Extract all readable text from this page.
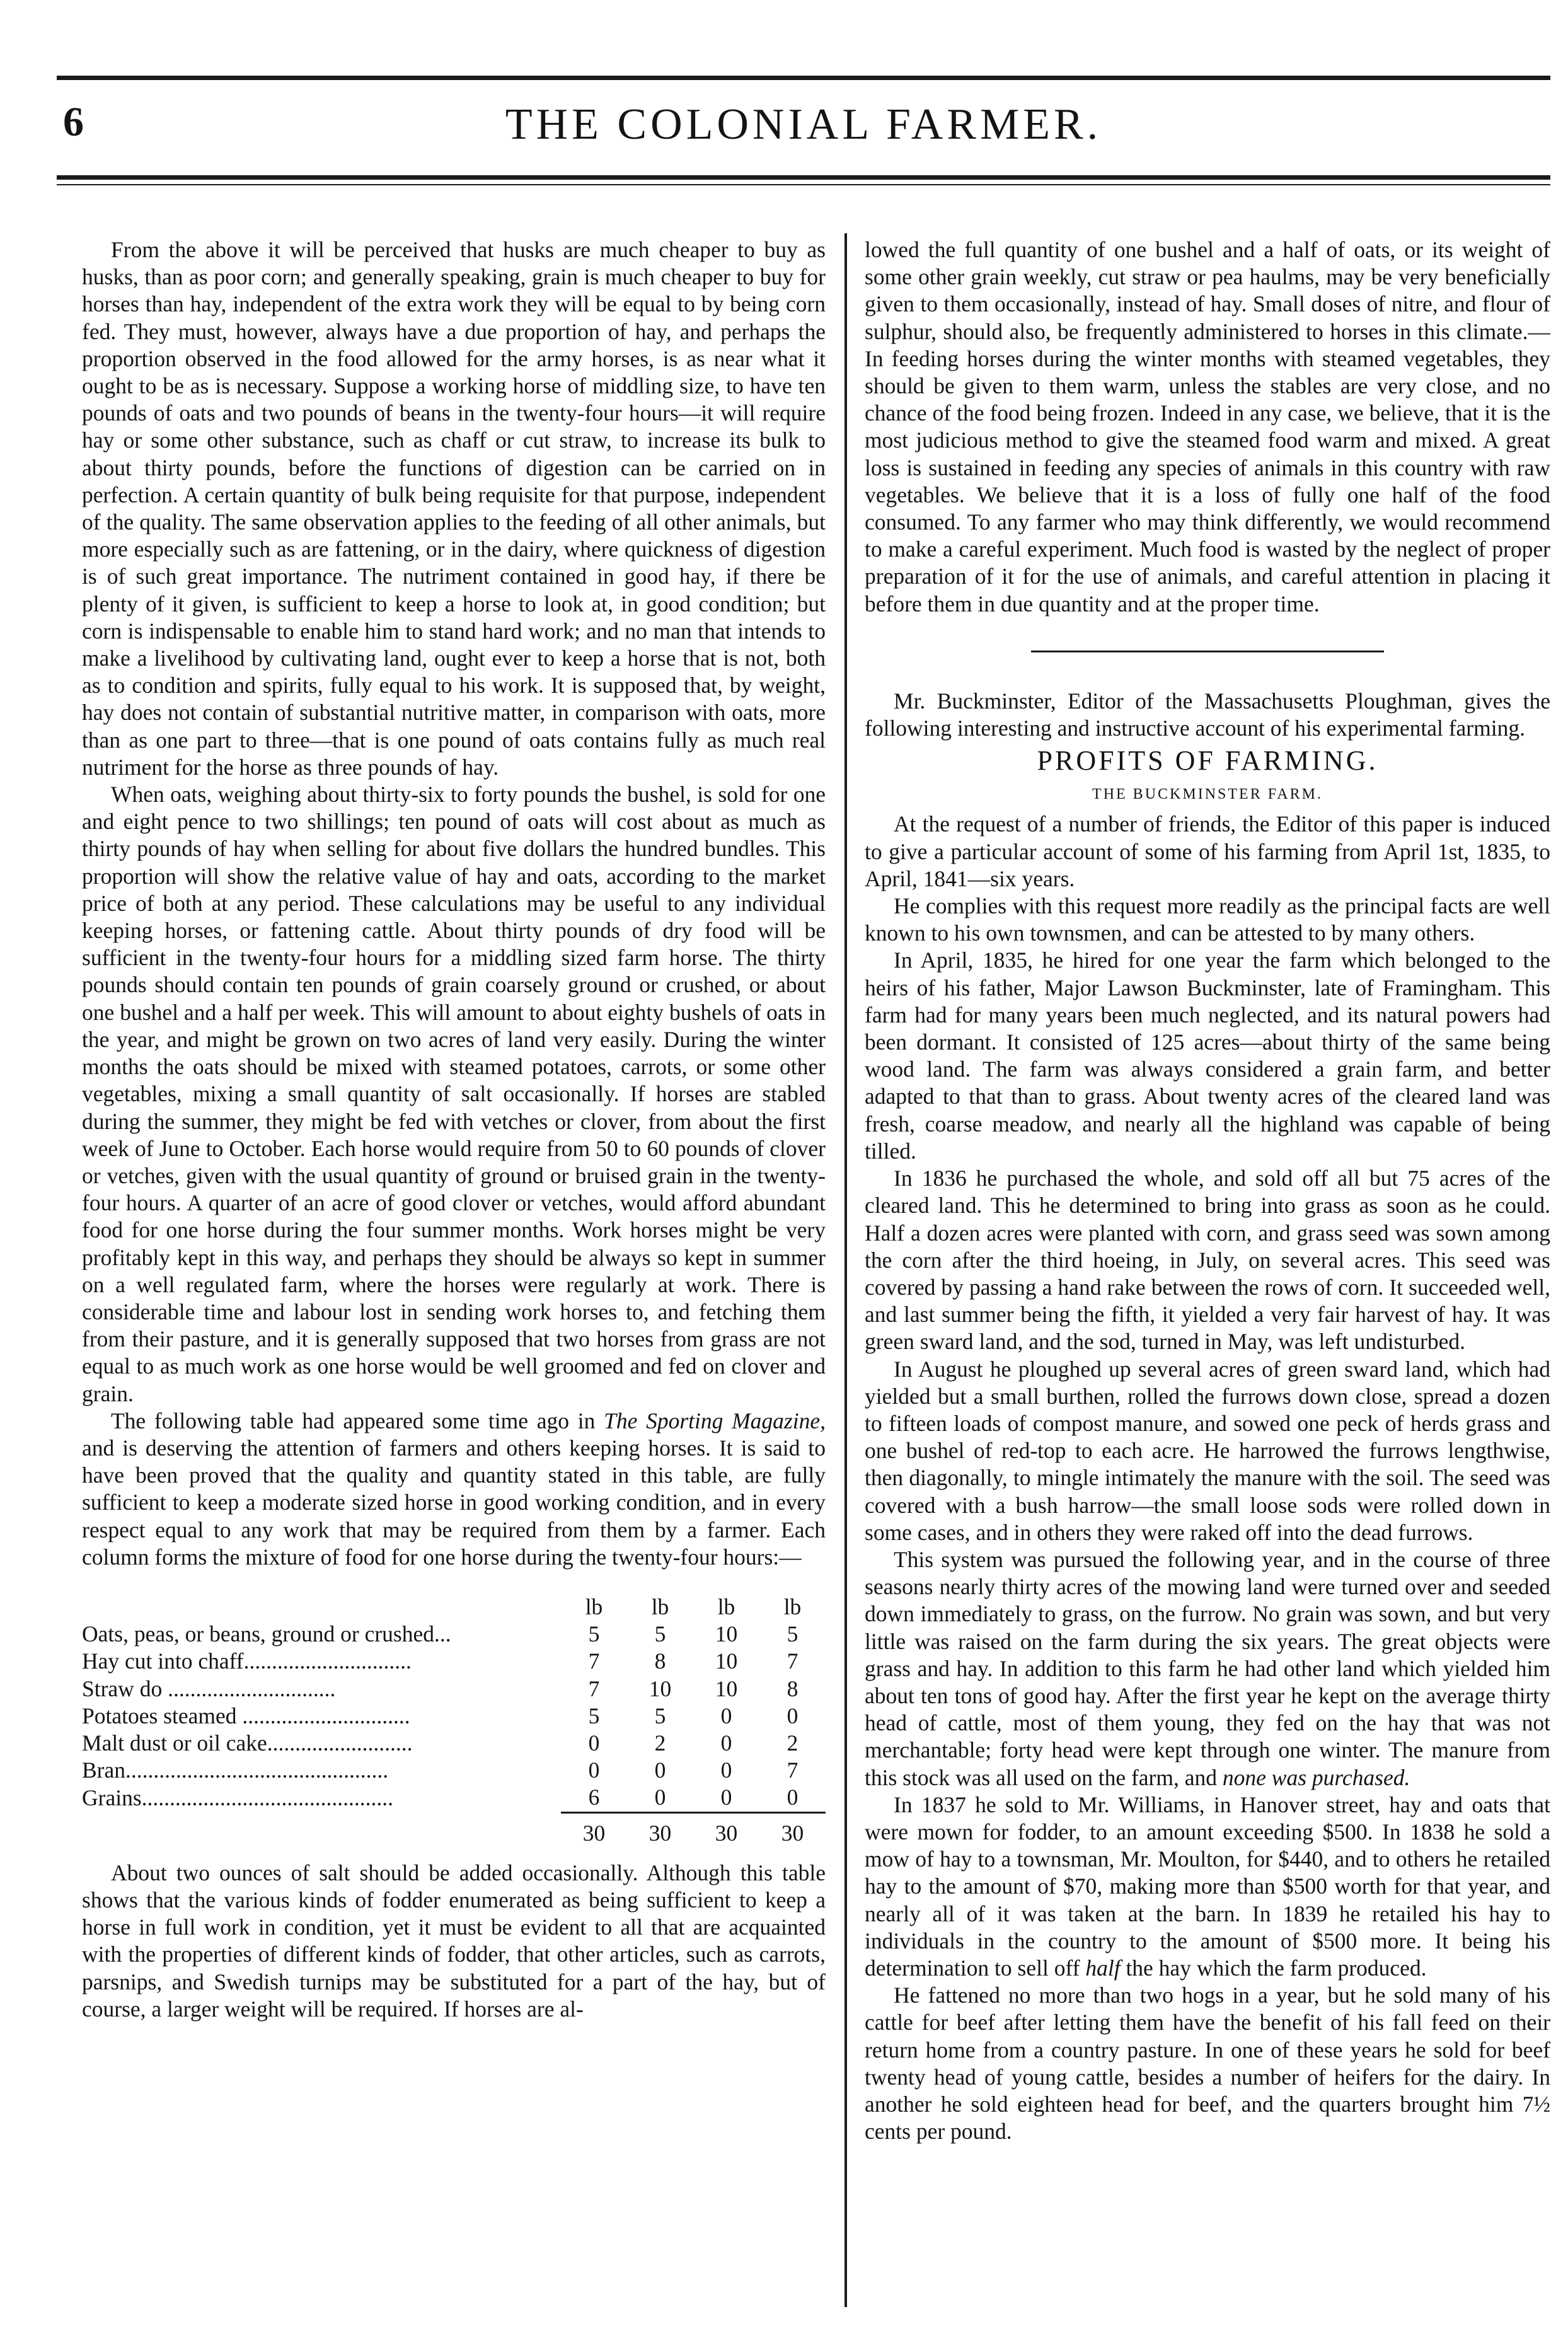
6	THE COLONIAL FARMER.

From the above it will be perceived that husks are much cheaper to buy as husks, than as poor corn; and generally speaking, grain is much cheaper to buy for horses than hay, independent of the extra work they will be equal to by being corn fed. They must, however, always have a due proportion of hay, and perhaps the proportion observed in the food allowed for the army horses, is as near what it ought to be as is necessary. Suppose a working horse of middling size, to have ten pounds of oats and two pounds of beans in the twenty-four hours—it will require hay or some other substance, such as chaff or cut straw, to increase its bulk to about thirty pounds, before the functions of digestion can be carried on in perfection. A certain quantity of bulk being requisite for that purpose, independent of the quality. The same observation applies to the feeding of all other animals, but more especially such as are fattening, or in the dairy, where quickness of digestion is of such great importance. The nutriment contained in good hay, if there be plenty of it given, is sufficient to keep a horse to look at, in good condition; but corn is indispensable to enable him to stand hard work; and no man that intends to make a livelihood by cultivating land, ought ever to keep a horse that is not, both as to condition and spirits, fully equal to his work. It is supposed that, by weight, hay does not contain of substantial nutritive matter, in comparison with oats, more than as one part to three—that is one pound of oats contains fully as much real nutriment for the horse as three pounds of hay.

When oats, weighing about thirty-six to forty pounds the bushel, is sold for one and eight pence to two shillings; ten pound of oats will cost about as much as thirty pounds of hay when selling for about five dollars the hundred bundles. This proportion will show the relative value of hay and oats, according to the market price of both at any period. These calculations may be useful to any individual keeping horses, or fattening cattle. About thirty pounds of dry food will be sufficient in the twenty-four hours for a middling sized farm horse. The thirty pounds should contain ten pounds of grain coarsely ground or crushed, or about one bushel and a half per week. This will amount to about eighty bushels of oats in the year, and might be grown on two acres of land very easily. During the winter months the oats should be mixed with steamed potatoes, carrots, or some other vegetables, mixing a small quantity of salt occasionally. If horses are stabled during the summer, they might be fed with vetches or clover, from about the first week of June to October. Each horse would require from 50 to 60 pounds of clover or vetches, given with the usual quantity of ground or bruised grain in the twenty-four hours. A quarter of an acre of good clover or vetches, would afford abundant food for one horse during the four summer months. Work horses might be very profitably kept in this way, and perhaps they should be always so kept in summer on a well regulated farm, where the horses were regularly at work. There is considerable time and labour lost in sending work horses to, and fetching them from their pasture, and it is generally supposed that two horses from grass are not equal to as much work as one horse would be well groomed and fed on clover and grain.

The following table had appeared some time ago in The Sporting Magazine, and is deserving the attention of farmers and others keeping horses. It is said to have been proved that the quality and quantity stated in this table, are fully sufficient to keep a moderate sized horse in good working condition, and in every respect equal to any work that may be required from them by a farmer. Each column forms the mixture of food for one horse during the twenty-four hours:—

	lb	lb	lb	lb
Oats, peas, or beans, ground or crushed...	5	5	10	5
Hay cut into chaff..............................	7	8	10	7
Straw do ..............................	7	10	10	8
Potatoes steamed ..............................	5	5	0	0
Malt dust or oil cake..........................	0	2	0	2
Bran...............................................	0	0	0	7
Grains.............................................	6	0	0	0
	30	30	30	30

About two ounces of salt should be added occasionally. Although this table shows that the various kinds of fodder enumerated as being sufficient to keep a horse in full work in condition, yet it must be evident to all that are acquainted with the properties of different kinds of fodder, that other articles, such as carrots, parsnips, and Swedish turnips may be substituted for a part of the hay, but of course, a larger weight will be required. If horses are al-

lowed the full quantity of one bushel and a half of oats, or its weight of some other grain weekly, cut straw or pea haulms, may be very beneficially given to them occasionally, instead of hay. Small doses of nitre, and flour of sulphur, should also, be frequently administered to horses in this climate.—In feeding horses during the winter months with steamed vegetables, they should be given to them warm, unless the stables are very close, and no chance of the food being frozen. Indeed in any case, we believe, that it is the most judicious method to give the steamed food warm and mixed. A great loss is sustained in feeding any species of animals in this country with raw vegetables. We believe that it is a loss of fully one half of the food consumed. To any farmer who may think differently, we would recommend to make a careful experiment. Much food is wasted by the neglect of proper preparation of it for the use of animals, and careful attention in placing it before them in due quantity and at the proper time.

Mr. Buckminster, Editor of the Massachusetts Ploughman, gives the following interesting and instructive account of his experimental farming.

PROFITS OF FARMING.
THE BUCKMINSTER FARM.

At the request of a number of friends, the Editor of this paper is induced to give a particular account of some of his farming from April 1st, 1835, to April, 1841—six years.

He complies with this request more readily as the principal facts are well known to his own townsmen, and can be attested to by many others.

In April, 1835, he hired for one year the farm which belonged to the heirs of his father, Major Lawson Buckminster, late of Framingham. This farm had for many years been much neglected, and its natural powers had been dormant. It consisted of 125 acres—about thirty of the same being wood land. The farm was always considered a grain farm, and better adapted to that than to grass. About twenty acres of the cleared land was fresh, coarse meadow, and nearly all the highland was capable of being tilled.

In 1836 he purchased the whole, and sold off all but 75 acres of the cleared land. This he determined to bring into grass as soon as he could. Half a dozen acres were planted with corn, and grass seed was sown among the corn after the third hoeing, in July, on several acres. This seed was covered by passing a hand rake between the rows of corn. It succeeded well, and last summer being the fifth, it yielded a very fair harvest of hay. It was green sward land, and the sod, turned in May, was left undisturbed.

In August he ploughed up several acres of green sward land, which had yielded but a small burthen, rolled the furrows down close, spread a dozen to fifteen loads of compost manure, and sowed one peck of herds grass and one bushel of red-top to each acre. He harrowed the furrows lengthwise, then diagonally, to mingle intimately the manure with the soil. The seed was covered with a bush harrow—the small loose sods were rolled down in some cases, and in others they were raked off into the dead furrows.

This system was pursued the following year, and in the course of three seasons nearly thirty acres of the mowing land were turned over and seeded down immediately to grass, on the furrow. No grain was sown, and but very little was raised on the farm during the six years. The great objects were grass and hay. In addition to this farm he had other land which yielded him about ten tons of good hay. After the first year he kept on the average thirty head of cattle, most of them young, they fed on the hay that was not merchantable; forty head were kept through one winter. The manure from this stock was all used on the farm, and none was purchased.

In 1837 he sold to Mr. Williams, in Hanover street, hay and oats that were mown for fodder, to an amount exceeding $500. In 1838 he sold a mow of hay to a townsman, Mr. Moulton, for $440, and to others he retailed hay to the amount of $70, making more than $500 worth for that year, and nearly all of it was taken at the barn. In 1839 he retailed his hay to individuals in the country to the amount of $500 more. It being his determination to sell off half the hay which the farm produced.

He fattened no more than two hogs in a year, but he sold many of his cattle for beef after letting them have the benefit of his fall feed on their return home from a country pasture. In one of these years he sold for beef twenty head of young cattle, besides a number of heifers for the dairy. In another he sold eighteen head for beef, and the quarters brought him 7½ cents per pound.
